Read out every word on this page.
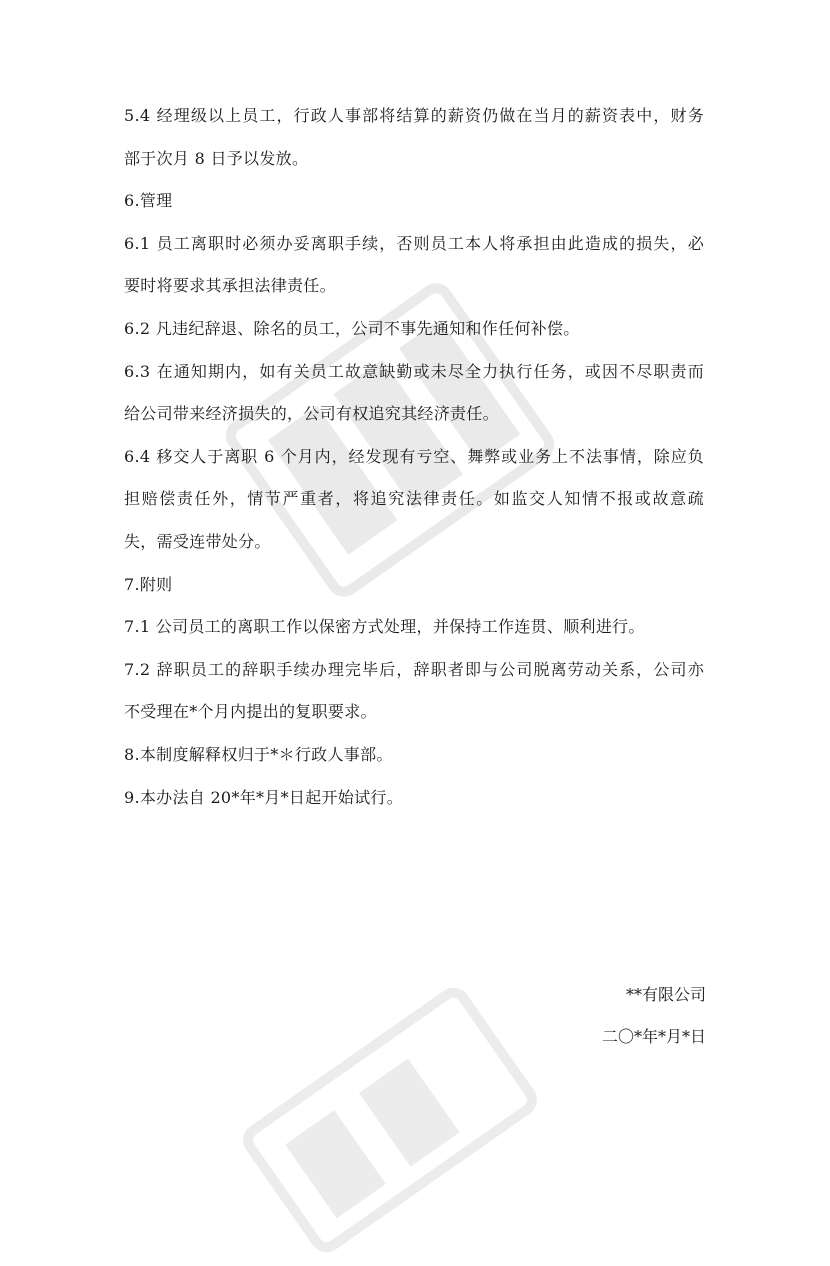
5.4 经理级以上员工，行政人事部将结算的薪资仍做在当月的薪资表中，财务
部于次月 8 日予以发放。
6.管理
6.1 员工离职时必须办妥离职手续，否则员工本人将承担由此造成的损失，必
要时将要求其承担法律责任。
6.2 凡违纪辞退、除名的员工，公司不事先通知和作任何补偿。
6.3 在通知期内，如有关员工故意缺勤或未尽全力执行任务，或因不尽职责而
给公司带来经济损失的，公司有权追究其经济责任。
6.4 移交人于离职 6 个月内，经发现有亏空、舞弊或业务上不法事情，除应负
担赔偿责任外，情节严重者，将追究法律责任。如监交人知情不报或故意疏
失，需受连带处分。
7.附则
7.1 公司员工的离职工作以保密方式处理，并保持工作连贯、顺利进行。
7.2 辞职员工的辞职手续办理完毕后，辞职者即与公司脱离劳动关系，公司亦
不受理在*个月内提出的复职要求。
8.本制度解释权归于*＊行政人事部。
9.本办法自 20*年*月*日起开始试行。
**有限公司
二〇*年*月*日
